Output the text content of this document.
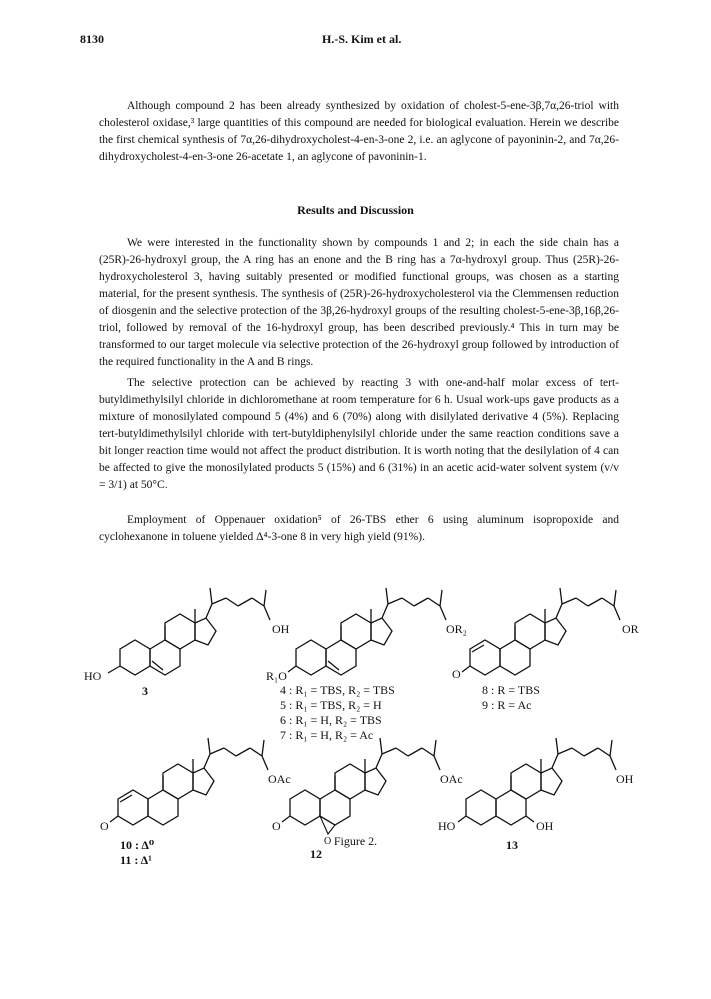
8130	H.-S. Kim et al.

Although compound 2 has been already synthesized by oxidation of cholest-5-ene-3β,7α,26-triol with cholesterol oxidase,³ large quantities of this compound are needed for biological evaluation. Herein we describe the first chemical synthesis of 7α,26-dihydroxycholest-4-en-3-one 2, i.e. an aglycone of payoninin-2, and 7α,26-dihydroxycholest-4-en-3-one 26-acetate 1, an aglycone of pavoninin-1.

Results and Discussion

We were interested in the functionality shown by compounds 1 and 2; in each the side chain has a (25R)-26-hydroxyl group, the A ring has an enone and the B ring has a 7α-hydroxyl group. Thus (25R)-26-hydroxycholesterol 3, having suitably presented or modified functional groups, was chosen as a starting material, for the present synthesis. The synthesis of (25R)-26-hydroxycholesterol via the Clemmensen reduction of diosgenin and the selective protection of the 3β,26-hydroxyl groups of the resulting cholest-5-ene-3β,16β,26-triol, followed by removal of the 16-hydroxyl group, has been described previously.⁴ This in turn may be transformed to our target molecule via selective protection of the 26-hydroxyl group followed by introduction of the required functionality in the A and B rings.

The selective protection can be achieved by reacting 3 with one-and-half molar excess of tert-butyldimethylsilyl chloride in dichloromethane at room temperature for 6 h. Usual work-ups gave products as a mixture of monosilylated compound 5 (4%) and 6 (70%) along with disilylated derivative 4 (5%). Replacing tert-butyldimethylsilyl chloride with tert-butyldiphenylsilyl chloride under the same reaction conditions save a bit longer reaction time would not affect the product distribution. It is worth noting that the desilylation of 4 can be affected to give the monosilylated products 5 (15%) and 6 (31%) in an acetic acid-water solvent system (v/v = 3/1) at 50°C.

Employment of Oppenauer oxidation⁵ of 26-TBS ether 6 using aluminum isopropoxide and cyclohexanone in toluene yielded Δ⁴-3-one 8 in very high yield (91%).

OH
HO
3
OR₂
R₁O
4 : R₁ = TBS, R₂ = TBS
5 : R₁ = TBS, R₂ = H
6 : R₁ = H, R₂ = TBS
7 : R₁ = H, R₂ = Ac
OR
O
8 : R = TBS
9 : R = Ac
OAc
O
10 : Δ⁰
11 : Δ¹
OAc
O
O
12
OH
HO	OH
13
Figure 2.
